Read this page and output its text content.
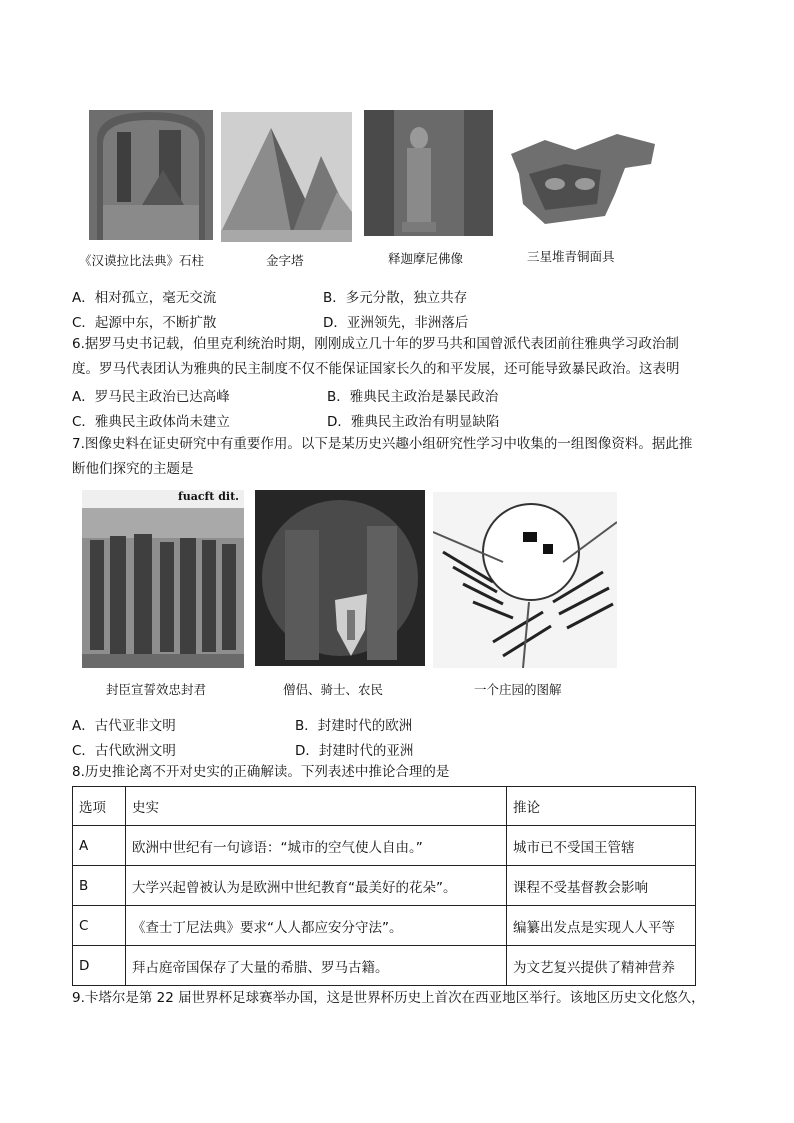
《汉谟拉比法典》石柱	金字塔	释迦摩尼佛像	三星堆青铜面具
A．相对孤立，毫无交流	B．多元分散，独立共存
C．起源中东，不断扩散	D．亚洲领先，非洲落后
6.据罗马史书记载，伯里克利统治时期，刚刚成立几十年的罗马共和国曾派代表团前往雅典学习政治制
度。罗马代表团认为雅典的民主制度不仅不能保证国家长久的和平发展，还可能导致暴民政治。这表明
A．罗马民主政治已达高峰	B．雅典民主政治是暴民政治
C．雅典民主政体尚未建立	D．雅典民主政治有明显缺陷
7.图像史料在证史研究中有重要作用。以下是某历史兴趣小组研究性学习中收集的一组图像资料。据此推
断他们探究的主题是
fuacft dit.
封臣宣誓效忠封君	僧侣、骑士、农民	一个庄园的图解
A．古代亚非文明	B．封建时代的欧洲
C．古代欧洲文明	D．封建时代的亚洲
8.历史推论离不开对史实的正确解读。下列表述中推论合理的是
选项	史实	推论
A	欧洲中世纪有一句谚语：“城市的空气使人自由。”	城市已不受国王管辖
B	大学兴起曾被认为是欧洲中世纪教育“最美好的花朵”。	课程不受基督教会影响
C	《查士丁尼法典》要求“人人都应安分守法”。	编纂出发点是实现人人平等
D	拜占庭帝国保存了大量的希腊、罗马古籍。	为文艺复兴提供了精神营养
9.卡塔尔是第 22 届世界杯足球赛举办国，这是世界杯历史上首次在西亚地区举行。该地区历史文化悠久，
